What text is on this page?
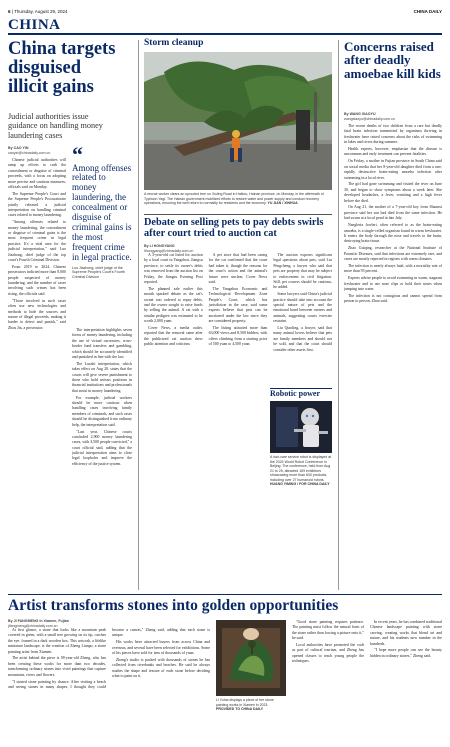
6 | Thursday, August 29, 2024	CHINA DAILY
CHINA
China targets disguised illicit gains
Judicial authorities issue guidance on handling money laundering cases
By CAO YIN
caoyin@chinadaily.com.cn

Chinese judicial authorities will ramp up efforts to curb the concealment or disguise of criminal proceeds, with a focus on adopting more precise and cautious measures, officials said on Monday.

The Supreme People's Court and the Supreme People's Procuratorate jointly released a judicial interpretation on handling criminal cases related to money laundering.

"Among offenses related to money laundering, the concealment or disguise of criminal gains is the most frequent crime in legal practice. It's a vital area for the judicial interpretation," said Luo Jiazhong, chief judge of the top court's Fourth Criminal Division.

From 2019 to 2024, Chinese prosecutors indicted more than 8,000 people suspected of money laundering, and the number of cases involving such crimes has been rising, the officials said.

"Those involved in such cases often use new technologies and methods to hide the sources and nature of illegal proceeds, making it harder to detect and punish," said Zhou Jia, a prosecutor.

“
Among offenses related to money laundering, the concealment or disguise of criminal gains is the most frequent crime in legal practice.
Luo Jiazhong, chief judge of the Supreme People's Court's Fourth Criminal Division

The interpretation highlights seven forms of money laundering, including the use of virtual currencies, cross-border fund transfers and gambling, which should be accurately identified and punished in line with the law.

The Luoshi interpretation, which takes effect on Aug 20, states that the courts will give severe punishment to those who hold serious positions in financial institutions and professionals that assist in money laundering.

For example, judicial workers should be more cautious when handling cases involving family members of criminals, and such cases should be distinguished from ordinary help, the interpretation said.

"Last year, Chinese courts concluded 2,900 money laundering cases, with 3,500 people convicted," a court official said, adding that the judicial interpretation aims to close legal loopholes and improve the efficiency of the justice system.

Storm cleanup
A rescue worker clears an uprooted tree on Xiuling Road in Haikou, Hainan province, on Monday, in the aftermath of Typhoon Yagi. The Hainan government mobilized efforts to restore water and power supply and conduct recovery operations, ensuring the well return to normality for residents and the economy. YU JIAN / XINHUA
Debate on selling pets to pay debts swirls after court tried to auction cat
By LI HONGYANG
lihongyang@chinadaily.com.cn

A 3-year-old cat listed for auction by a local court in Yangzhou, Jiangsu province, to settle its owner's debts was removed from the auction list on Friday, the Jiangsu Evening Post reported.

The planned sale earlier this month sparked debate as the cat's owner was ordered to repay debts, and the owner sought to raise funds by selling the animal. A cat with a similar pedigree was estimated to be worth 2,000 yuan.

Cover News, a media outlet, reported that the removal came after the publicized cat auction drew public attention and criticism.

A pet store that had been caring for the cat confirmed that the court had taken it, though the reasons for the court's action and the animal's future were unclear, Cover News said.

The Yangzhou Economic and Technological Development Zone People's Court, which has jurisdiction in the case, said some experts believe that pets can be auctioned under the law since they are considered property.

The listing attracted more than 63,000 views and 8,500 bidders, with offers climbing from a starting price of 500 yuan to 4,500 yuan.

The auction exposes significant legal questions about pets, said Liu Pengcheng, a lawyer who said that pets are property that may be subject to enforcement in civil litigation. Still, pet owners should be cautious, he added.

Some lawyers said China's judicial practice should take into account the special nature of pets and the emotional bond between owners and animals, suggesting courts exercise restraint.

Liu Qiaoling, a lawyer, said that many animal lovers believe that pets are family members and should not be sold, and that the court should consider other assets first.

Robotic power
A hair-care service robot is displayed at the 2024 World Robot Conference in Beijing. The conference, held from Aug 21 to 25, attracted 169 exhibitors showcasing more than 600 products, including over 27 humanoid robots. HUANG YIMING / FOR CHINA DAILY
Concerns raised after deadly amoebae kill kids
By WANG XIAOYU
wangxiaoyu@chinadaily.com.cn

The recent deaths of two children from a rare but deadly fatal brain infection transmitted by organisms thriving in freshwater have raised concerns about the risks of swimming in lakes and rivers during summer.

Health experts, however, emphasize that the disease is uncommon and early treatment can prevent fatalities.

On Friday, a mother in Fujian province in South China said on social media that her 8-year-old daughter died from a rare, rapidly destructive brain-eating amoeba infection after swimming in a local river.

The girl had gone swimming and visited the river on June 30, and began to show symptoms about a week later. She developed headaches, a fever, vomiting and a high fever before she died.

On Aug 21, the mother of a 7-year-old boy from Shaanxi province said her son had died from the same infection. He had swum at a local pond in late July.

Naegleria fowleri, often referred to as the brain-eating amoeba, is a single-celled organism found in warm freshwater. It enters the body through the nose and travels to the brain, destroying brain tissue.

Zhao Guiqing, researcher at the National Institute of Parasitic Diseases, said that infections are extremely rare, and cases are mostly reported in regions with warm climates.

The infection is nearly always fatal, with a mortality rate of more than 95 percent.

Experts advise people to avoid swimming in warm, stagnant freshwater and to use nose clips or hold their noses when jumping into water.

The infection is not contagious and cannot spread from person to person, Zhao said.

Artist transforms stones into golden opportunities
By JI FANGMENG in Xiamen, Fujian
jifangmeng@chinadaily.com.cn

At first glance, a stone that looks like a mountain peak covered in green, with a small tree growing on its tip, catches the eye, framed in a dark wooden box. This artwork, a lifelike miniature landscape, is the creation of Zheng Lianpo, a stone painting artist from Xiamen.

The artist behind the piece is 58-year-old Zheng, who has been creating these works for more than two decades, transforming ordinary stones into vivid paintings that capture mountains, rivers and flowers.

"I started stone painting by chance. After visiting a beach and seeing stones in many shapes, I thought they could become a canvas," Zheng said, adding that each stone is unique.

His works have attracted buyers from across China and overseas, and several have been selected for exhibitions. Some of his pieces have sold for tens of thousands of yuan.

Zheng's studio is packed with thousands of stones he has collected from riverbanks and beaches. He said he always studies the shape and texture of each stone before deciding what to paint on it.

Li Yuhai displays a piece of her stone painting works in Xiamen in 2023. PROVIDED TO CHINA DAILY

"Good stone painting requires patience. The painting must follow the natural form of the stone rather than forcing a picture onto it," he said.

Local authorities have promoted the craft as part of cultural tourism, and Zheng has opened classes to teach young people the techniques.

In recent years, he has combined traditional Chinese landscape painting with stone carving, creating works that blend art and nature, and his students now number in the hundreds.

"I hope more people can see the beauty hidden in ordinary stones," Zheng said.
